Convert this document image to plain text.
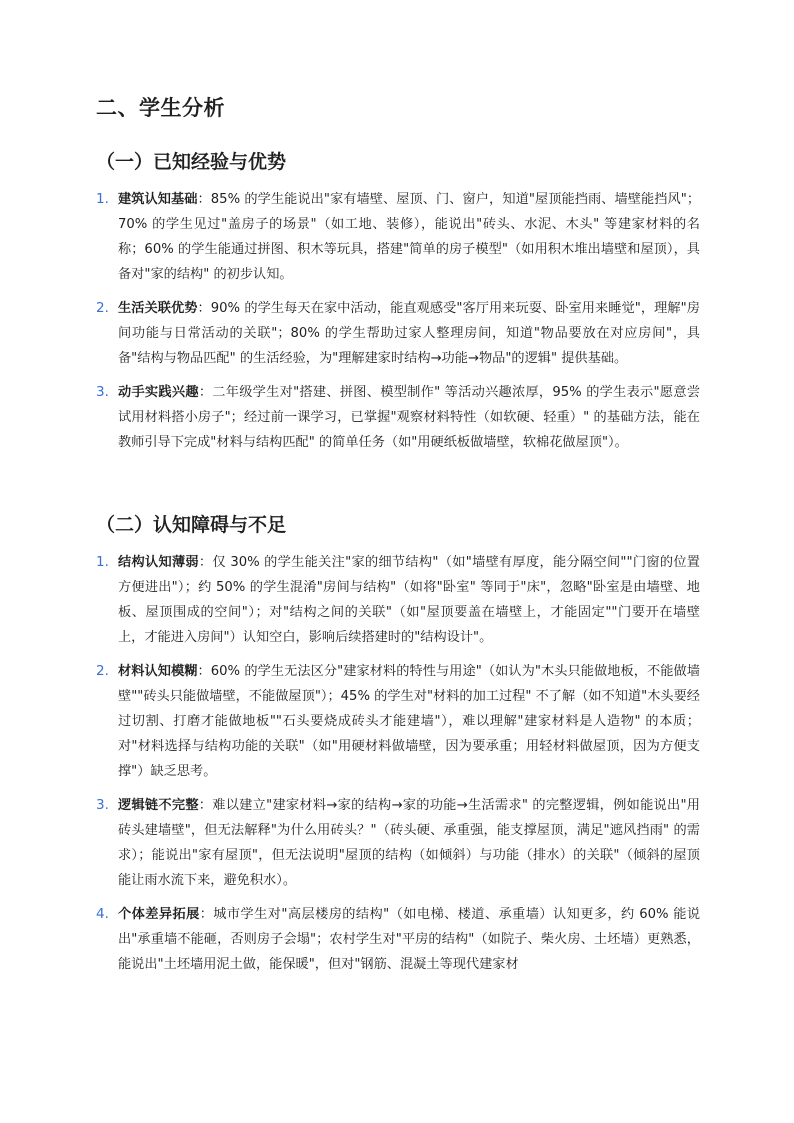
二、学生分析
（一）已知经验与优势
1. 建筑认知基础：85% 的学生能说出"家有墙壁、屋顶、门、窗户，知道"屋顶能挡雨、墙壁能挡风"；70% 的学生见过"盖房子的场景"（如工地、装修），能说出"砖头、水泥、木头" 等建家材料的名称；60% 的学生能通过拼图、积木等玩具，搭建"简单的房子模型"（如用积木堆出墙壁和屋顶），具备对"家的结构" 的初步认知。
2. 生活关联优势：90% 的学生每天在家中活动，能直观感受"客厅用来玩耍、卧室用来睡觉"，理解"房间功能与日常活动的关联"；80% 的学生帮助过家人整理房间，知道"物品要放在对应房间"，具备"结构与物品匹配" 的生活经验，为"理解建家时结构→功能→物品"的逻辑" 提供基础。
3. 动手实践兴趣：二年级学生对"搭建、拼图、模型制作" 等活动兴趣浓厚，95% 的学生表示"愿意尝试用材料搭小房子"；经过前一课学习，已掌握"观察材料特性（如软硬、轻重）" 的基础方法，能在教师引导下完成"材料与结构匹配" 的简单任务（如"用硬纸板做墙壁，软棉花做屋顶"）。
（二）认知障碍与不足
1. 结构认知薄弱：仅 30% 的学生能关注"家的细节结构"（如"墙壁有厚度，能分隔空间""门窗的位置方便进出"）；约 50% 的学生混淆"房间与结构"（如将"卧室" 等同于"床"，忽略"卧室是由墙壁、地板、屋顶围成的空间"）；对"结构之间的关联"（如"屋顶要盖在墙壁上，才能固定""门要开在墙壁上，才能进入房间"）认知空白，影响后续搭建时的"结构设计"。
2. 材料认知模糊：60% 的学生无法区分"建家材料的特性与用途"（如认为"木头只能做地板，不能做墙壁""砖头只能做墙壁，不能做屋顶"）；45% 的学生对"材料的加工过程" 不了解（如不知道"木头要经过切割、打磨才能做地板""石头要烧成砖头才能建墙"），难以理解"建家材料是人造物" 的本质；对"材料选择与结构功能的关联"（如"用硬材料做墙壁，因为要承重；用轻材料做屋顶，因为方便支撑"）缺乏思考。
3. 逻辑链不完整：难以建立"建家材料→家的结构→家的功能→生活需求" 的完整逻辑，例如能说出"用砖头建墙壁"，但无法解释"为什么用砖头？"（砖头硬、承重强，能支撑屋顶，满足"遮风挡雨" 的需求）；能说出"家有屋顶"，但无法说明"屋顶的结构（如倾斜）与功能（排水）的关联"（倾斜的屋顶能让雨水流下来，避免积水）。
4. 个体差异拓展：城市学生对"高层楼房的结构"（如电梯、楼道、承重墙）认知更多，约 60% 能说出"承重墙不能砸，否则房子会塌"；农村学生对"平房的结构"（如院子、柴火房、土坯墙）更熟悉，能说出"土坯墙用泥土做，能保暖"，但对"钢筋、混凝土等现代建家材
